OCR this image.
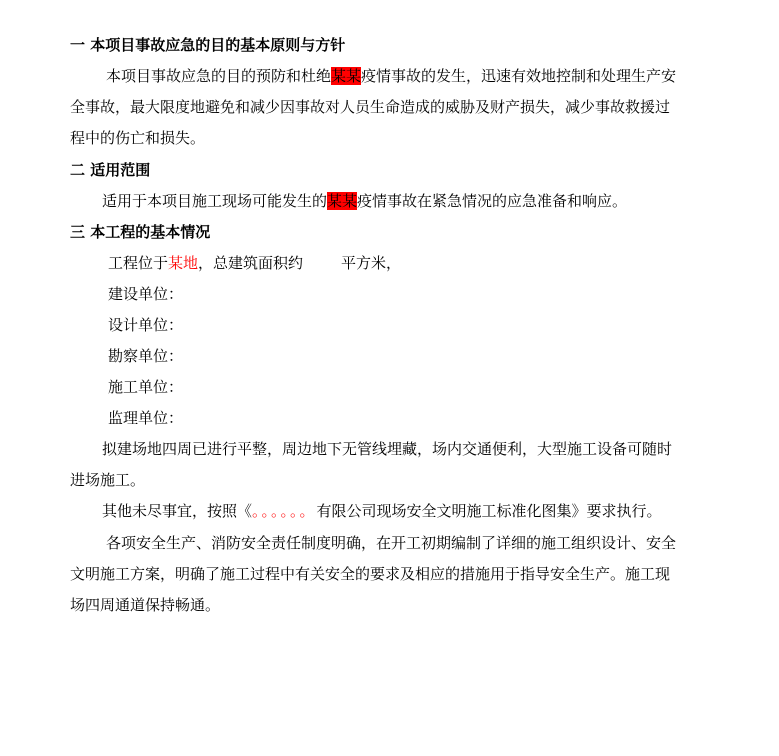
一 本项目事故应急的目的基本原则与方针
本项目事故应急的目的预防和杜绝某某疫情事故的发生，迅速有效地控制和处理生产安
全事故，最大限度地避免和减少因事故对人员生命造成的威胁及财产损失，减少事故救援过
程中的伤亡和损失。
二 适用范围
适用于本项目施工现场可能发生的某某疫情事故在紧急情况的应急准备和响应。
三 本工程的基本情况
工程位于某地，总建筑面积约	平方米，
建设单位：
设计单位：
勘察单位：
施工单位：
监理单位：
拟建场地四周已进行平整，周边地下无管线埋藏，场内交通便利，大型施工设备可随时
进场施工。
其他未尽事宜，按照《。。。。。。有限公司现场安全文明施工标准化图集》要求执行。
各项安全生产、消防安全责任制度明确，在开工初期编制了详细的施工组织设计、安全
文明施工方案，明确了施工过程中有关安全的要求及相应的措施用于指导安全生产。施工现
场四周通道保持畅通。
